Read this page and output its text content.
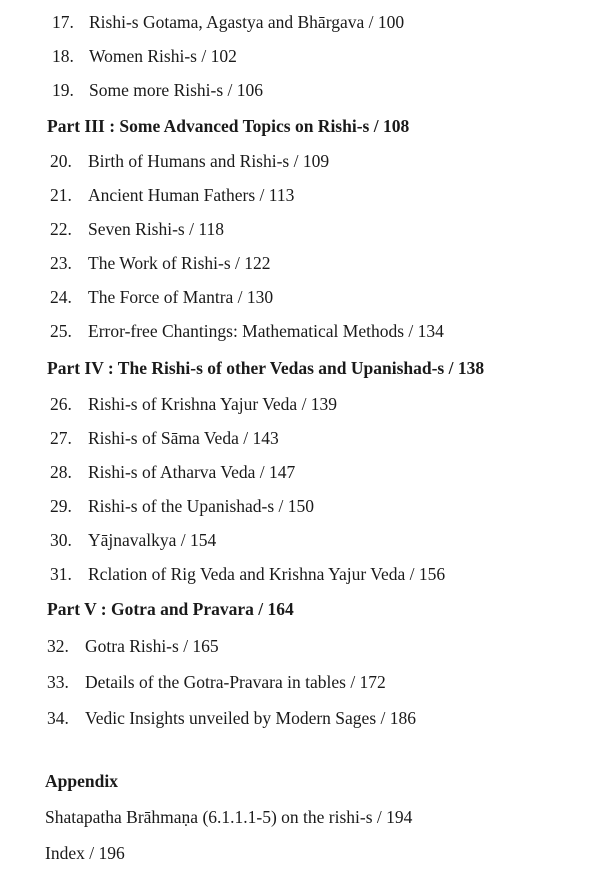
17. Rishi-s Gotama, Agastya and Bhārgava / 100
18. Women Rishi-s / 102
19. Some more Rishi-s / 106
Part III : Some Advanced Topics on Rishi-s / 108
20. Birth of Humans and Rishi-s / 109
21. Ancient Human Fathers / 113
22. Seven Rishi-s / 118
23. The Work of Rishi-s / 122
24. The Force of Mantra / 130
25. Error-free Chantings: Mathematical Methods / 134
Part IV : The Rishi-s of other Vedas and Upanishad-s / 138
26. Rishi-s of Krishna Yajur Veda / 139
27. Rishi-s of Sāma Veda / 143
28. Rishi-s of Atharva Veda / 147
29. Rishi-s of the Upanishad-s / 150
30. Yājnavalkya / 154
31. Rclation of Rig Veda and Krishna Yajur Veda / 156
Part V : Gotra and Pravara / 164
32. Gotra Rishi-s / 165
33. Details of the Gotra-Pravara in tables / 172
34. Vedic Insights unveiled by Modern Sages / 186
Appendix
Shatapatha Brāhmaṇa (6.1.1.1-5) on the rishi-s / 194
Index / 196
